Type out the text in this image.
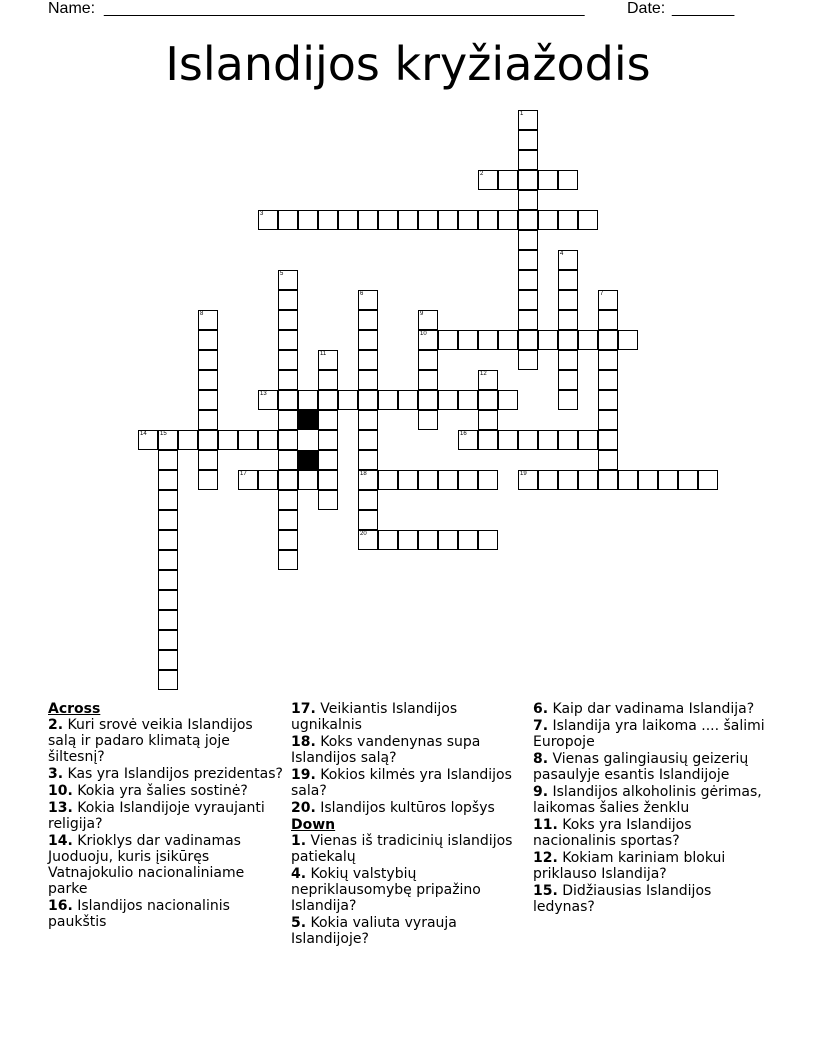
Name: ______________________________________________________	Date: _______
Islandijos kryžiažodis
1
2
3
4
5
6
18
20
7
8	9
10
11
12
13
14 15	16
17	19

Across

2. Kuri srovė veikia Islandijos salą ir padaro klimatą joje šiltesnį?

3. Kas yra Islandijos prezidentas?

10. Kokia yra šalies sostinė?

13. Kokia Islandijoje vyraujanti religija?

14. Krioklys dar vadinamas Juoduoju, kuris įsikūręs Vatnajokulio nacionaliniame parke

16. Islandijos nacionalinis paukštis

17. Veikiantis Islandijos ugnikalnis

18. Koks vandenynas supa Islandijos salą?

19. Kokios kilmės yra Islandijos sala?

20. Islandijos kultūros lopšys

Down

1. Vienas iš tradicinių islandijos patiekalų

4. Kokių valstybių nepriklausomybę pripažino Islandija?

5. Kokia valiuta vyrauja Islandijoje?

6. Kaip dar vadinama Islandija?

7. Islandija yra laikoma .... šalimi Europoje

8. Vienas galingiausių geizerių pasaulyje esantis Islandijoje

9. Islandijos alkoholinis gėrimas, laikomas šalies ženklu

11. Koks yra Islandijos nacionalinis sportas?

12. Kokiam kariniam blokui priklauso Islandija?

15. Didžiausias Islandijos ledynas?
